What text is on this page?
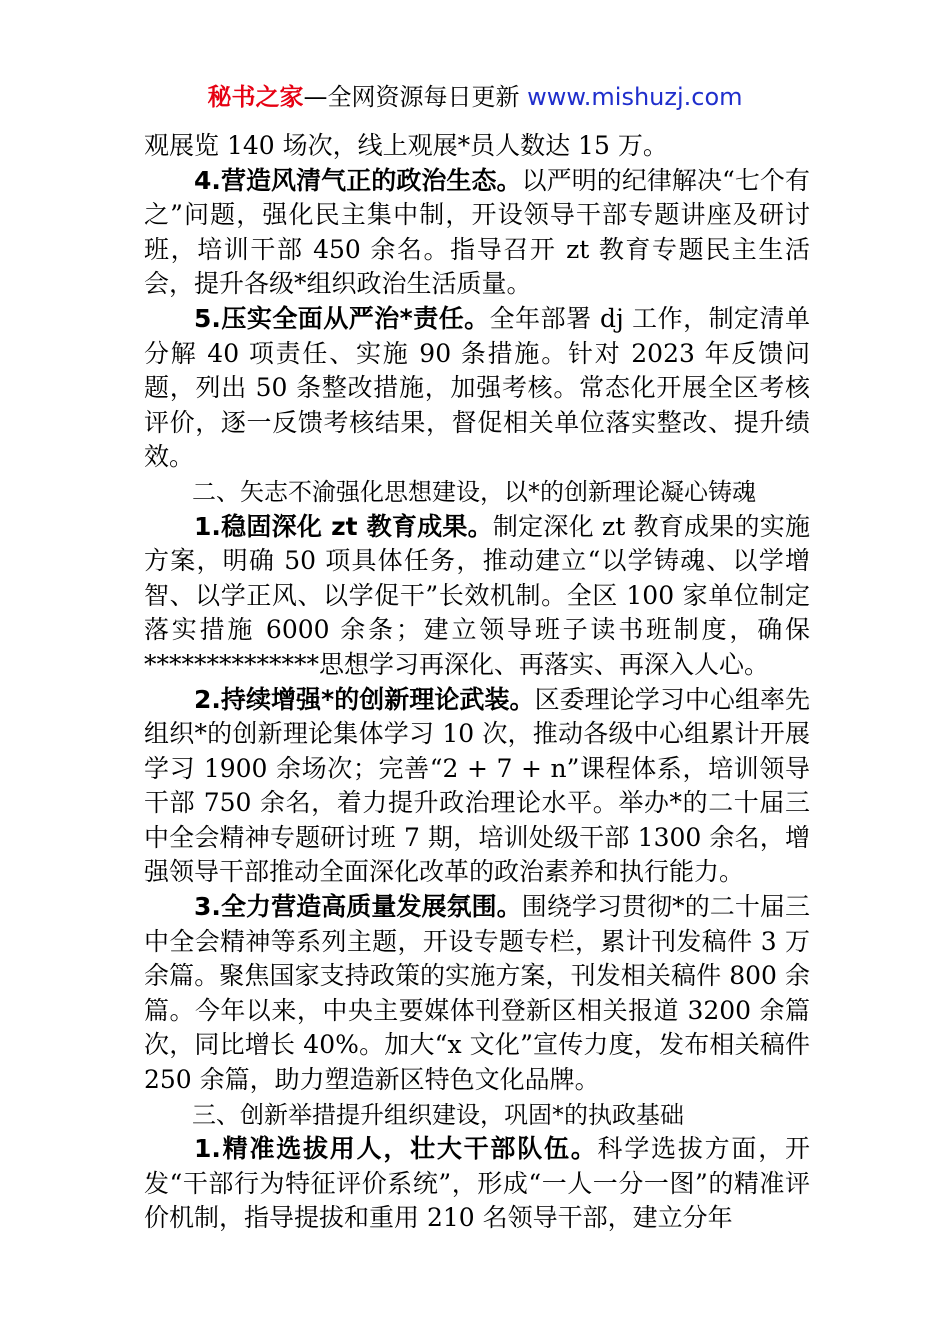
秘书之家—全网资源每日更新 www.mishuzj.com

观展览 140 场次，线上观展*员人数达 15 万。

4.营造风清气正的政治生态。以严明的纪律解决“七个有之”问题，强化民主集中制，开设领导干部专题讲座及研讨班，培训干部 450 余名。指导召开 zt 教育专题民主生活会，提升各级*组织政治生活质量。

5.压实全面从严治*责任。全年部署 dj 工作，制定清单分解 40 项责任、实施 90 条措施。针对 2023 年反馈问题，列出 50 条整改措施，加强考核。常态化开展全区考核评价，逐一反馈考核结果，督促相关单位落实整改、提升绩效。

二、矢志不渝强化思想建设，以*的创新理论凝心铸魂

1.稳固深化 zt 教育成果。制定深化 zt 教育成果的实施方案，明确 50 项具体任务，推动建立“以学铸魂、以学增智、以学正风、以学促干”长效机制。全区 100 家单位制定落实措施 6000 余条；建立领导班子读书班制度，确保**************思想学习再深化、再落实、再深入人心。

2.持续增强*的创新理论武装。区委理论学习中心组率先组织*的创新理论集体学习 10 次，推动各级中心组累计开展学习 1900 余场次；完善“2 + 7 + n”课程体系，培训领导干部 750 余名，着力提升政治理论水平。举办*的二十届三中全会精神专题研讨班 7 期，培训处级干部 1300 余名，增强领导干部推动全面深化改革的政治素养和执行能力。

3.全力营造高质量发展氛围。围绕学习贯彻*的二十届三中全会精神等系列主题，开设专题专栏，累计刊发稿件 3 万余篇。聚焦国家支持政策的实施方案，刊发相关稿件 800 余篇。今年以来，中央主要媒体刊登新区相关报道 3200 余篇次，同比增长 40%。加大“x 文化”宣传力度，发布相关稿件 250 余篇，助力塑造新区特色文化品牌。

三、创新举措提升组织建设，巩固*的执政基础

1.精准选拔用人，壮大干部队伍。科学选拔方面，开发“干部行为特征评价系统”，形成“一人一分一图”的精准评价机制，指导提拔和重用 210 名领导干部，建立分年
